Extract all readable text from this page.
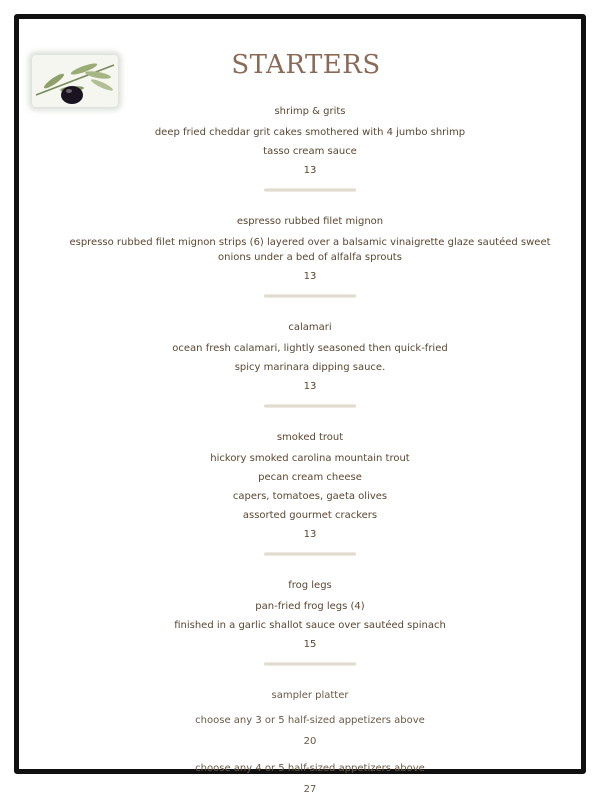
STARTERS
shrimp & grits
deep fried cheddar grit cakes smothered with 4 jumbo shrimp
tasso cream sauce
13
espresso rubbed filet mignon
espresso rubbed filet mignon strips (6) layered over a balsamic vinaigrette glaze sautéed sweet onions under a bed of alfalfa sprouts
13
calamari
ocean fresh calamari, lightly seasoned then quick-fried
spicy marinara dipping sauce.
13
smoked trout
hickory smoked carolina mountain trout
pecan cream cheese
capers, tomatoes, gaeta olives
assorted gourmet crackers
13
frog legs
pan-fried frog legs (4)
finished in a garlic shallot sauce over sautéed spinach
15
sampler platter
choose any 3 or 5 half-sized appetizers above
20
choose any 4 or 5 half-sized appetizers above
27
